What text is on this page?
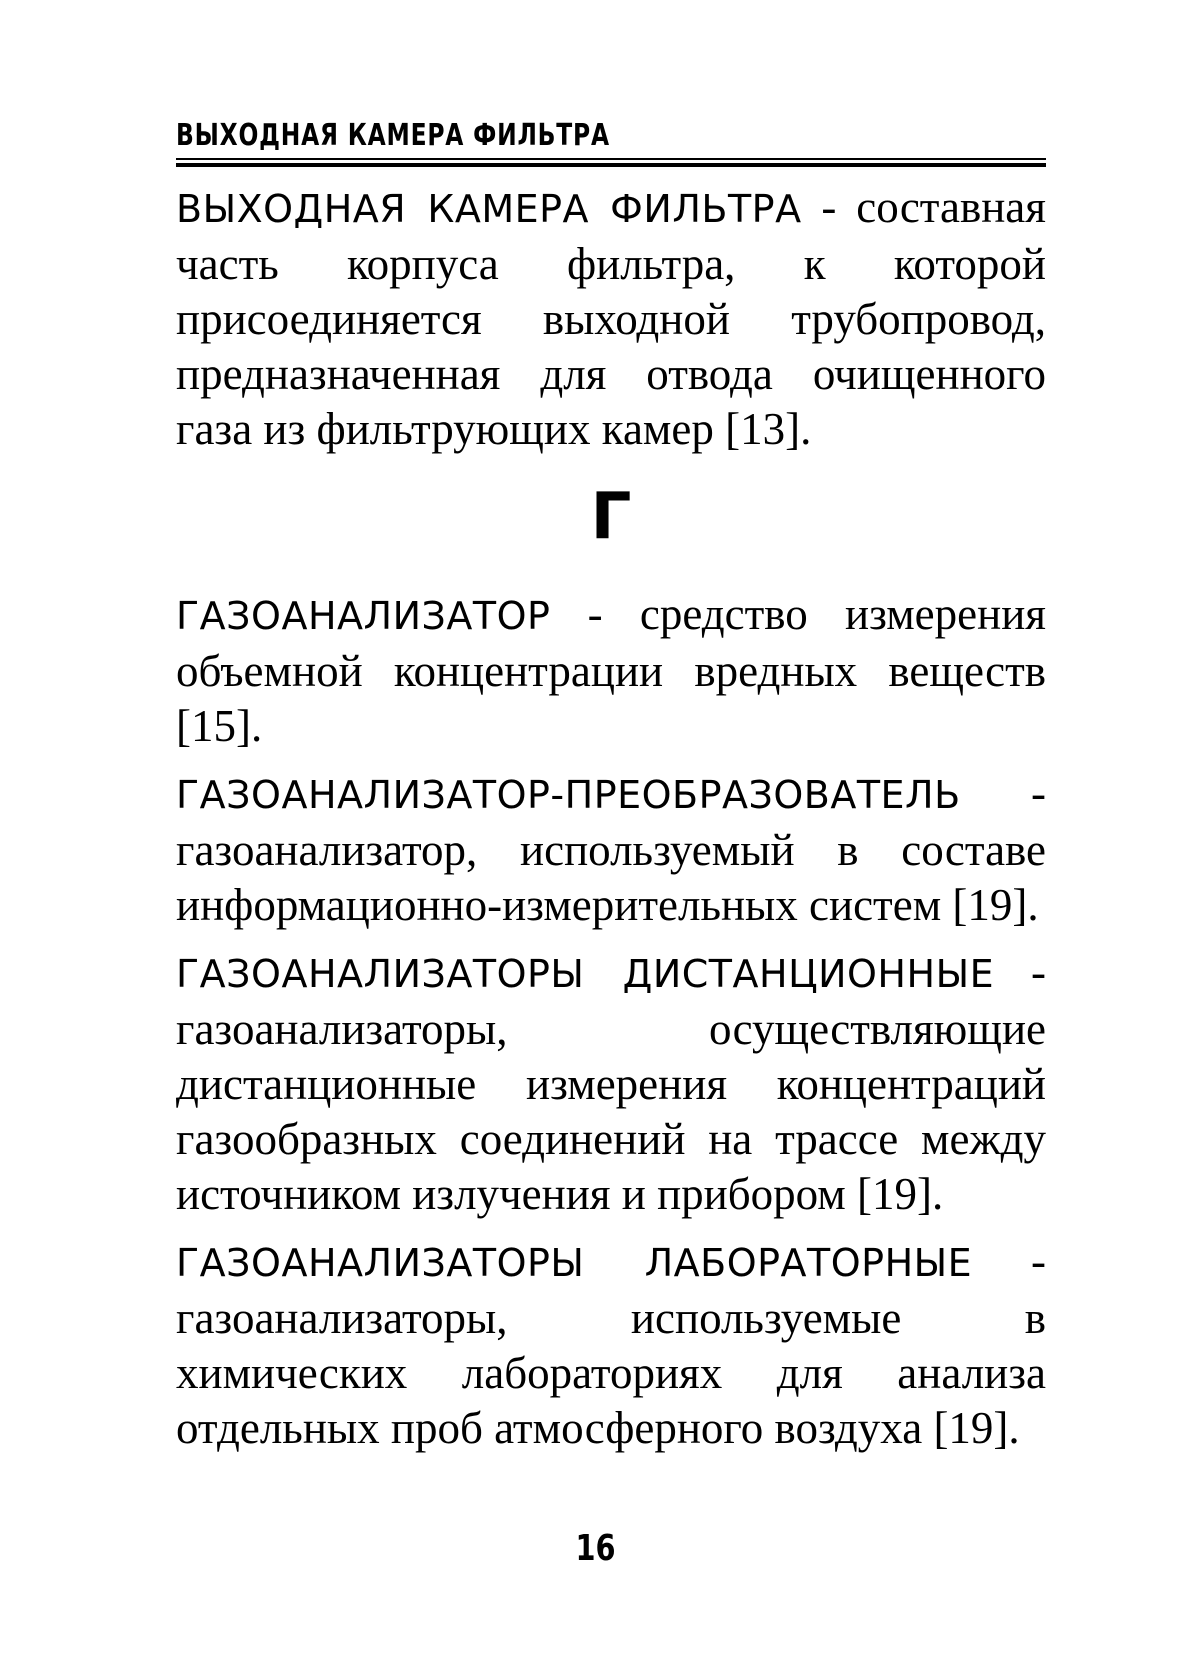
ВЫХОДНАЯ КАМЕРА ФИЛЬТРА

ВЫХОДНАЯ КАМЕРА ФИЛЬТРА - составная часть корпуса фильтра, к которой присоединяется выходной трубопровод, предназначенная для отвода очищенного газа из фильтрующих камер [13].

Г

ГАЗОАНАЛИЗАТОР - средство измерения объемной концентрации вредных веществ [15].

ГАЗОАНАЛИЗАТОР-ПРЕОБРАЗОВАТЕЛЬ - газоанализатор, используемый в составе информационно-измерительных систем [19].

ГАЗОАНАЛИЗАТОРЫ ДИСТАНЦИОННЫЕ - газоанализаторы, осуществляющие дистанционные измерения концентраций газообразных соединений на трассе между источником излучения и прибором [19].

ГАЗОАНАЛИЗАТОРЫ ЛАБОРАТОРНЫЕ - газоанализаторы, используемые в химических лабораториях для анализа отдельных проб атмосферного воздуха [19].

16
